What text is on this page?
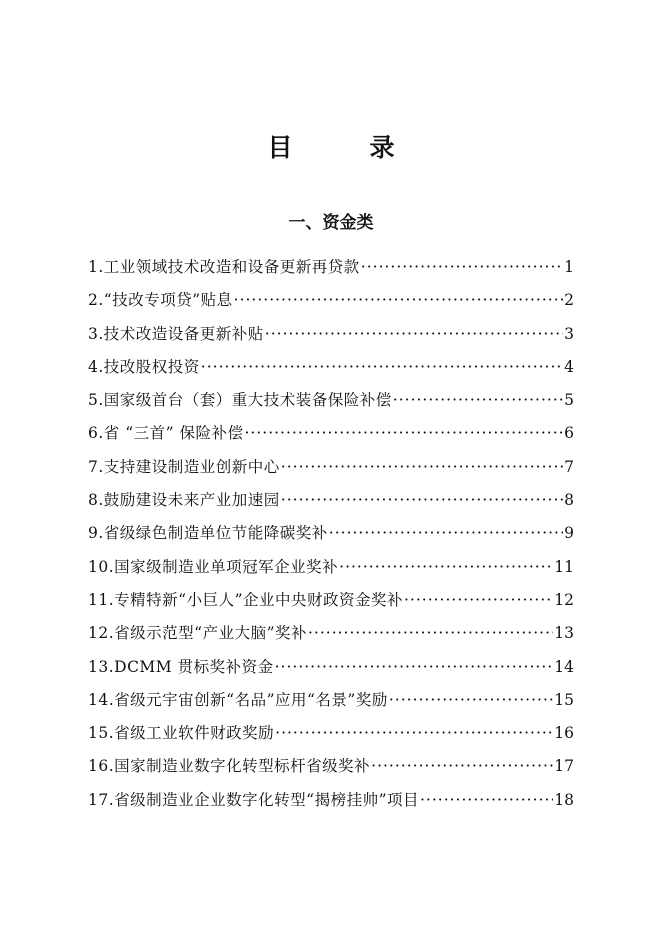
目　录
一、资金类
1.工业领域技术改造和设备更新再贷款 ·····	1
2.“技改专项贷”贴息 ·····	2
3.技术改造设备更新补贴 ·····	3
4.技改股权投资 ·····	4
5.国家级首台（套）重大技术装备保险补偿 ·····	5
6.省 “三首” 保险补偿 ·····	6
7.支持建设制造业创新中心 ·····	7
8.鼓励建设未来产业加速园 ·····	8
9.省级绿色制造单位节能降碳奖补 ·····	9
10.国家级制造业单项冠军企业奖补 ·····	11
11.专精特新“小巨人”企业中央财政资金奖补 ·····	12
12.省级示范型“产业大脑”奖补 ·····	13
13.DCMM 贯标奖补资金 ·····	14
14.省级元宇宙创新“名品”应用“名景”奖励 ·····	15
15.省级工业软件财政奖励 ·····	16
16.国家制造业数字化转型标杆省级奖补 ·····	17
17.省级制造业企业数字化转型“揭榜挂帅”项目 ·····	18
